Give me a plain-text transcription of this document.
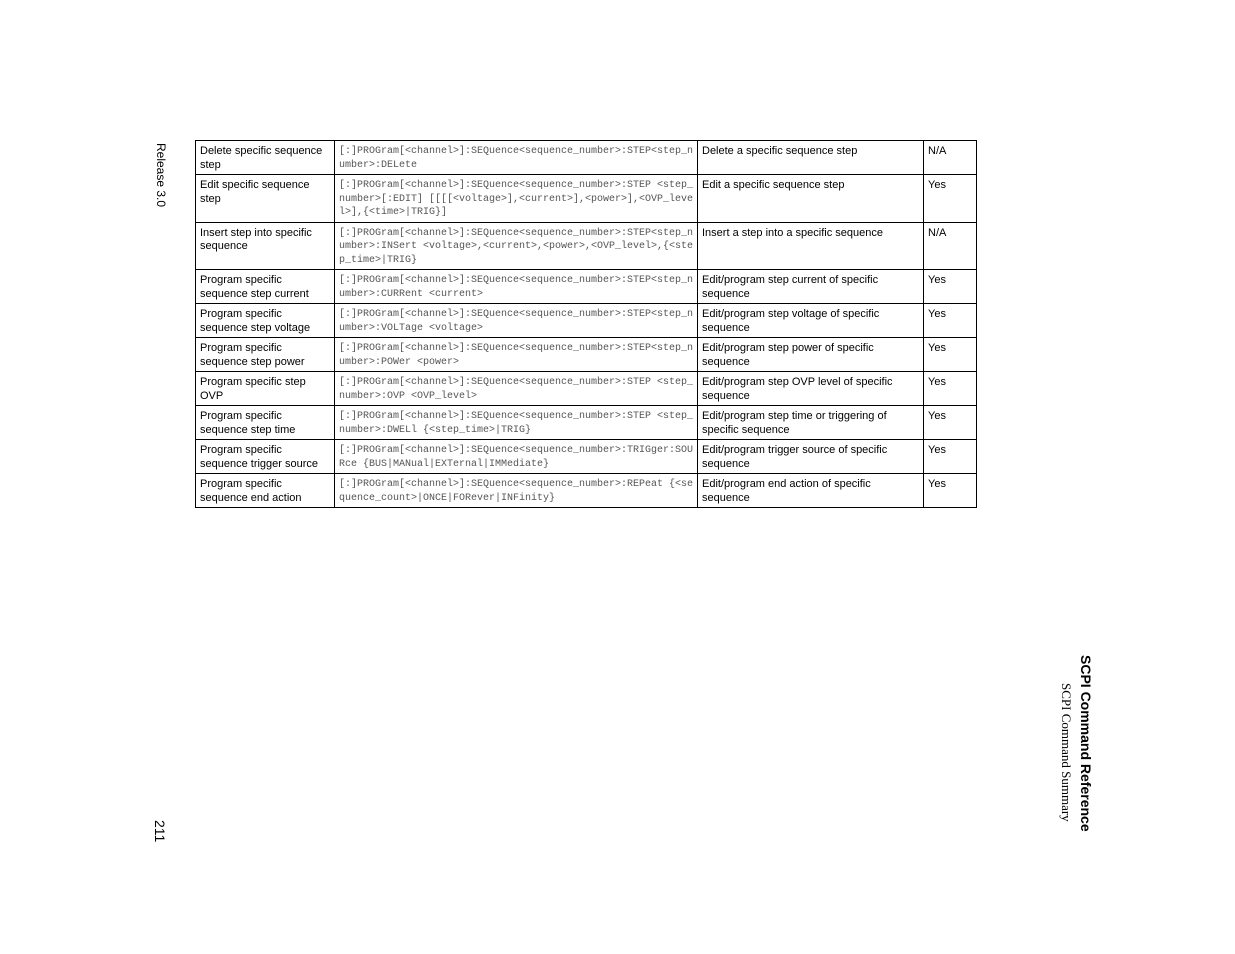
Delete specific sequence step	[:]PROGram[<channel>]:SEQuence<sequence_number>:STEP<step_number>:DELete	Delete a specific sequence step	N/A
Edit specific sequence step	[:]PROGram[<channel>]:SEQuence<sequence_number>:STEP <step_number>[:EDIT] [[[[<voltage>],<current>],<power>],<OVP_level>],{<time>|TRIG}]	Edit a specific sequence step	Yes
Insert step into specific sequence	[:]PROGram[<channel>]:SEQuence<sequence_number>:STEP<step_number>:INSert <voltage>,<current>,<power>,<OVP_level>,{<step_time>|TRIG}	Insert a step into a specific sequence	N/A
Program specific sequence step current	[:]PROGram[<channel>]:SEQuence<sequence_number>:STEP<step_number>:CURRent <current>	Edit/program step current of specific sequence	Yes
Program specific sequence step voltage	[:]PROGram[<channel>]:SEQuence<sequence_number>:STEP<step_number>:VOLTage <voltage>	Edit/program step voltage of specific sequence	Yes
Program specific sequence step power	[:]PROGram[<channel>]:SEQuence<sequence_number>:STEP<step_number>:POWer <power>	Edit/program step power of specific sequence	Yes
Program specific step OVP	[:]PROGram[<channel>]:SEQuence<sequence_number>:STEP <step_number>:OVP <OVP_level>	Edit/program step OVP level of specific sequence	Yes
Program specific sequence step time	[:]PROGram[<channel>]:SEQuence<sequence_number>:STEP <step_number>:DWELl {<step_time>|TRIG}	Edit/program step time or triggering of specific sequence	Yes
Program specific sequence trigger source	[:]PROGram[<channel>]:SEQuence<sequence_number>:TRIGger:SOURce {BUS|MANual|EXTernal|IMMediate}	Edit/program trigger source of specific sequence	Yes
Program specific sequence end action	[:]PROGram[<channel>]:SEQuence<sequence_number>:REPeat {<sequence_count>|ONCE|FORever|INFinity}	Edit/program end action of specific sequence	Yes
Release 3.0
211	SCPI Command Reference
SCPI Command Summary
